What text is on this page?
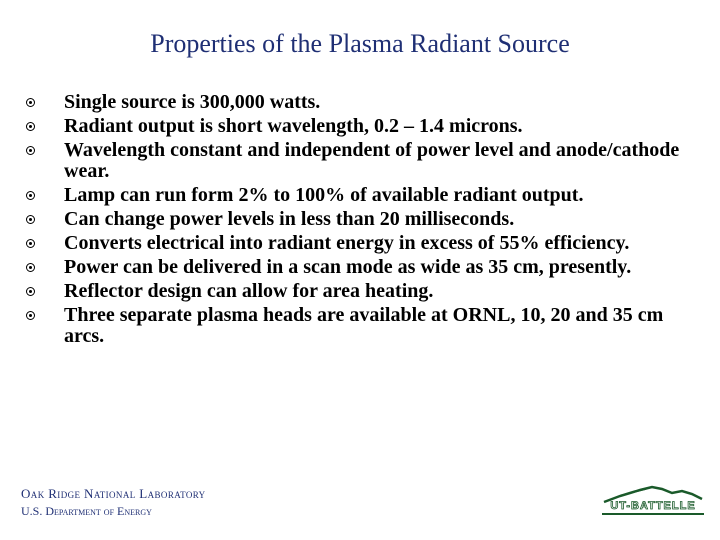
Properties of the Plasma Radiant Source
Single source is 300,000 watts.
Radiant output is short wavelength, 0.2 – 1.4 microns.
Wavelength constant and independent of power level and anode/cathode wear.
Lamp can run form 2% to 100% of available radiant output.
Can change power levels in less than 20 milliseconds.
Converts electrical into radiant energy in excess of 55% efficiency.
Power can be delivered in a scan mode as wide as 35 cm, presently.
Reflector design can allow for area heating.
Three separate plasma heads are available at ORNL, 10, 20 and 35 cm arcs.
Oak Ridge National Laboratory
U.S. Department of Energy	UT-BATTELLE
